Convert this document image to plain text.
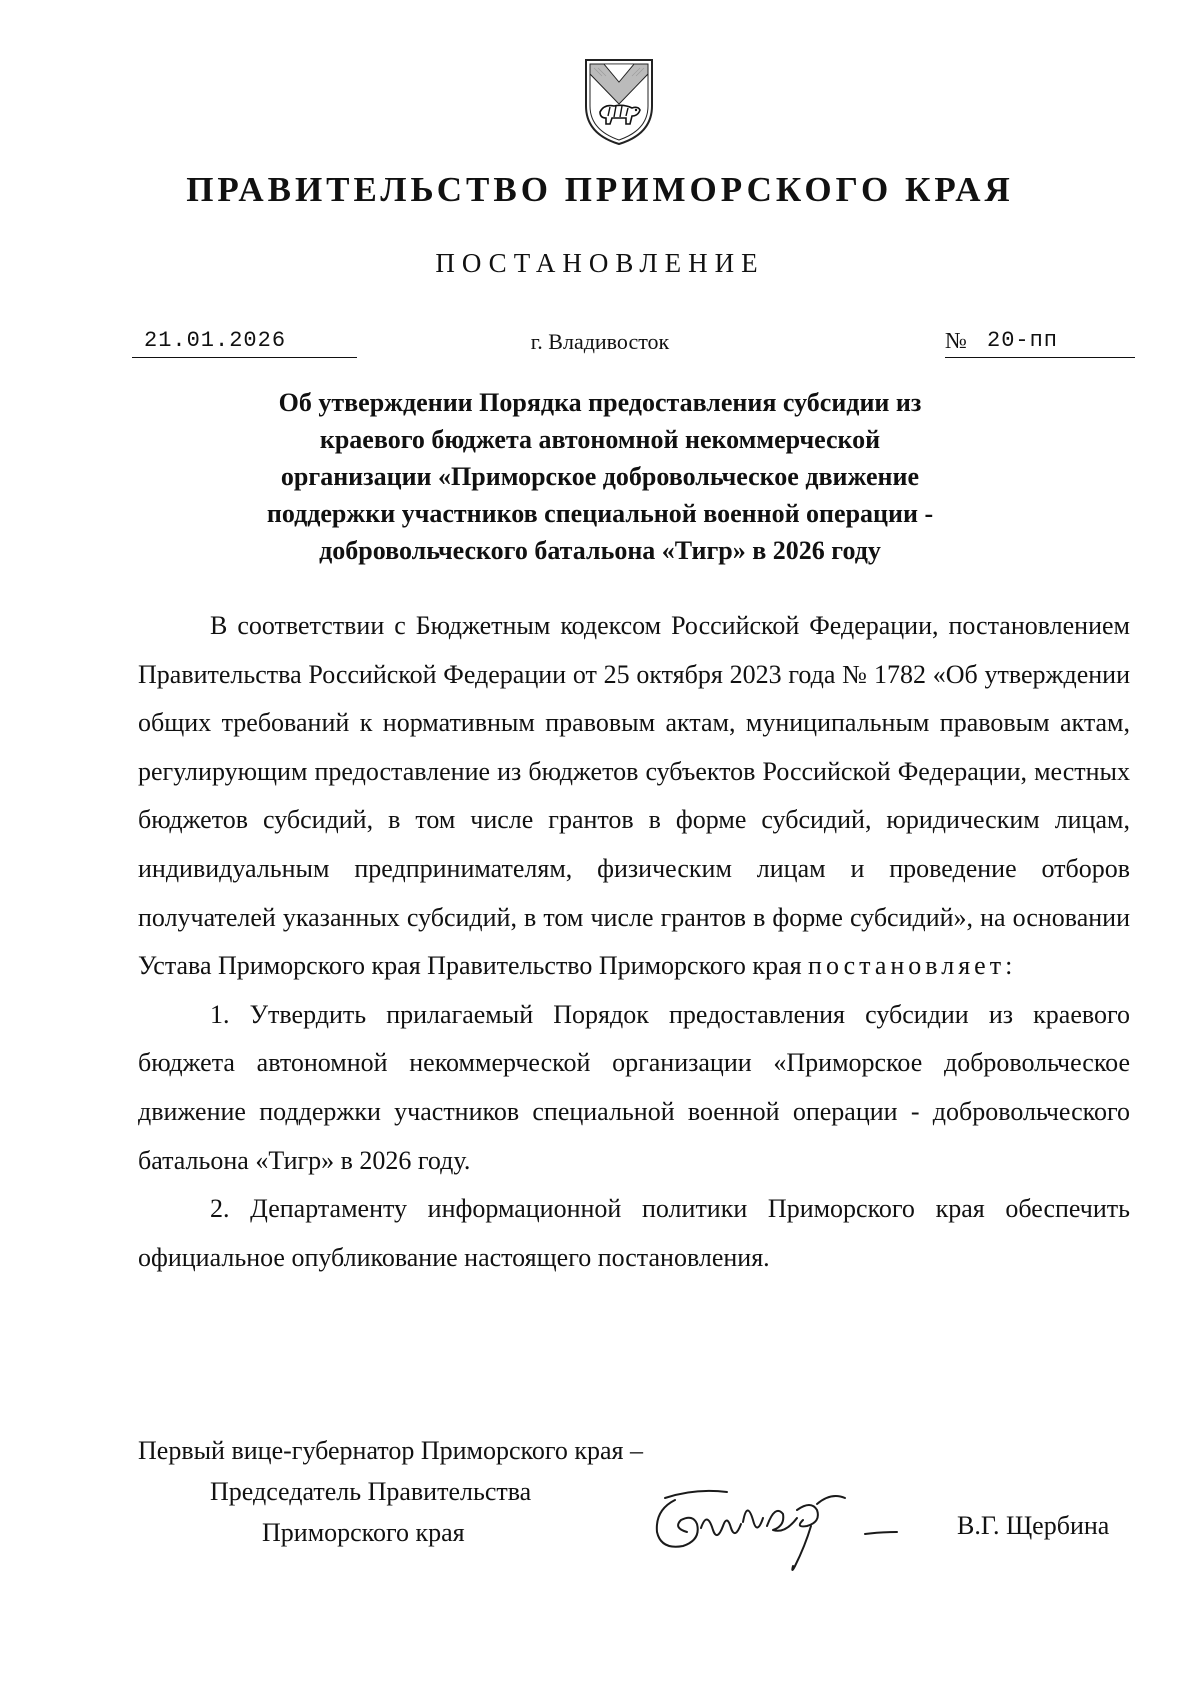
ПРАВИТЕЛЬСТВО ПРИМОРСКОГО КРАЯ
ПОСТАНОВЛЕНИЕ
21.01.2026	г. Владивосток	№ 20-пп
Об утверждении Порядка предоставления субсидии из
краевого бюджета автономной некоммерческой
организации «Приморское добровольческое движение
поддержки участников специальной военной операции -
добровольческого батальона «Тигр» в 2026 году

В соответствии с Бюджетным кодексом Российской Федерации, постановлением Правительства Российской Федерации от 25 октября 2023 года № 1782 «Об утверждении общих требований к нормативным правовым актам, муниципальным правовым актам, регулирующим предоставление из бюджетов субъектов Российской Федерации, местных бюджетов субсидий, в том числе грантов в форме субсидий, юридическим лицам, индивидуальным предпринимателям, физическим лицам и проведение отборов получателей указанных субсидий, в том числе грантов в форме субсидий», на основании Устава Приморского края Правительство Приморского края постановляет:

1. Утвердить прилагаемый Порядок предоставления субсидии из краевого бюджета автономной некоммерческой организации «Приморское добровольческое движение поддержки участников специальной военной операции - добровольческого батальона «Тигр» в 2026 году.

2. Департаменту информационной политики Приморского края обеспечить официальное опубликование настоящего постановления.

Первый вице-губернатор Приморского края –
Председатель Правительства
Приморского края	В.Г. Щербина
